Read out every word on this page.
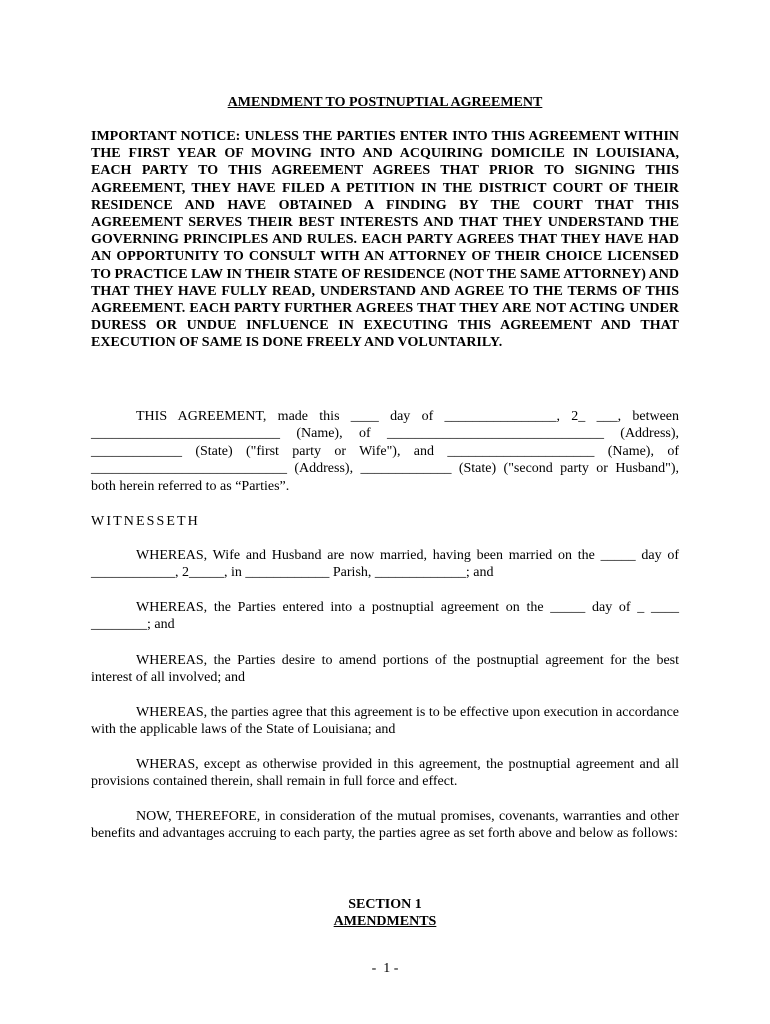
AMENDMENT TO POSTNUPTIAL AGREEMENT
IMPORTANT NOTICE: UNLESS THE PARTIES ENTER INTO THIS AGREEMENT WITHIN THE FIRST YEAR OF MOVING INTO AND ACQUIRING DOMICILE IN LOUISIANA, EACH PARTY TO THIS AGREEMENT AGREES THAT PRIOR TO SIGNING THIS AGREEMENT, THEY HAVE FILED A PETITION IN THE DISTRICT COURT OF THEIR RESIDENCE AND HAVE OBTAINED A FINDING BY THE COURT THAT THIS AGREEMENT SERVES THEIR BEST INTERESTS AND THAT THEY UNDERSTAND THE GOVERNING PRINCIPLES AND RULES. EACH PARTY AGREES THAT THEY HAVE HAD AN OPPORTUNITY TO CONSULT WITH AN ATTORNEY OF THEIR CHOICE LICENSED TO PRACTICE LAW IN THEIR STATE OF RESIDENCE (NOT THE SAME ATTORNEY) AND THAT THEY HAVE FULLY READ, UNDERSTAND AND AGREE TO THE TERMS OF THIS AGREEMENT. EACH PARTY FURTHER AGREES THAT THEY ARE NOT ACTING UNDER DURESS OR UNDUE INFLUENCE IN EXECUTING THIS AGREEMENT AND THAT EXECUTION OF SAME IS DONE FREELY AND VOLUNTARILY.
THIS AGREEMENT, made this ____ day of ________________, 2_ ___, between ___________________________ (Name), of _______________________________ (Address), _____________ (State) ("first party or Wife"), and _____________________ (Name), of ____________________________ (Address), _____________ (State) ("second party or Husband"), both herein referred to as “Parties”.
WITNESSETH
WHEREAS, Wife and Husband are now married, having been married on the _____ day of ____________, 2_____, in ____________ Parish, _____________; and
WHEREAS, the Parties entered into a postnuptial agreement on the _____ day of _ ____ ________; and
WHEREAS, the Parties desire to amend portions of the postnuptial agreement for the best interest of all involved; and
WHEREAS, the parties agree that this agreement is to be effective upon execution in accordance with the applicable laws of the State of Louisiana; and
WHERAS, except as otherwise provided in this agreement, the postnuptial agreement and all provisions contained therein, shall remain in full force and effect.
NOW, THEREFORE, in consideration of the mutual promises, covenants, warranties and other benefits and advantages accruing to each party, the parties agree as set forth above and below as follows:
SECTION 1
AMENDMENTS
-  1 -
